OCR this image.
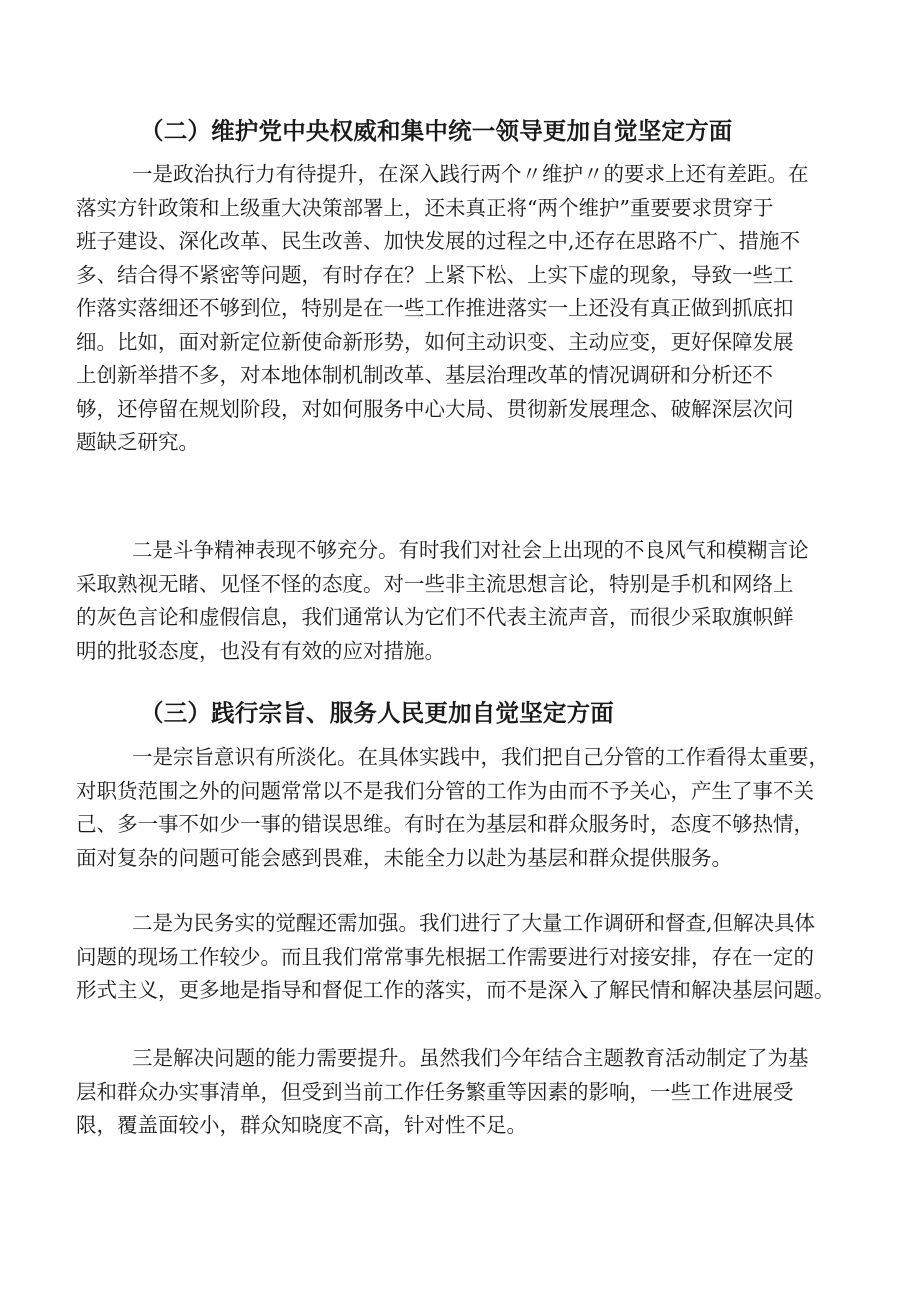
（二）维护党中央权威和集中统一领导更加自觉坚定方面
一是政治执行力有待提升，在深入践行两个〃维护〃的要求上还有差距。在
落实方针政策和上级重大决策部署上，还未真正将“两个维护”重要要求贯穿于
班子建设、深化改革、民生改善、加快发展的过程之中,还存在思路不广、措施不
多、结合得不紧密等问题，有时存在？上紧下松、上实下虚的现象，导致一些工
作落实落细还不够到位，特别是在一些工作推进落实一上还没有真正做到抓底扣
细。比如，面对新定位新使命新形势，如何主动识变、主动应变，更好保障发展
上创新举措不多，对本地体制机制改革、基层治理改革的情况调研和分析还不
够，还停留在规划阶段，对如何服务中心大局、贯彻新发展理念、破解深层次问
题缺乏研究。
二是斗争精神表现不够充分。有时我们对社会上出现的不良风气和模糊言论
采取熟视无睹、见怪不怪的态度。对一些非主流思想言论，特别是手机和网络上
的灰色言论和虚假信息，我们通常认为它们不代表主流声音，而很少采取旗帜鲜
明的批驳态度，也没有有效的应对措施。
（三）践行宗旨、服务人民更加自觉坚定方面
一是宗旨意识有所淡化。在具体实践中，我们把自己分管的工作看得太重要，
对职货范围之外的问题常常以不是我们分管的工作为由而不予关心，产生了事不关
己、多一事不如少一事的错误思维。有时在为基层和群众服务时，态度不够热情，
面对复杂的问题可能会感到畏难，未能全力以赴为基层和群众提供服务。
二是为民务实的觉醒还需加强。我们进行了大量工作调研和督查,但解决具体
问题的现场工作较少。而且我们常常事先根据工作需要进行对接安排，存在一定的
形式主义，更多地是指导和督促工作的落实，而不是深入了解民情和解决基层问题。
三是解决问题的能力需要提升。虽然我们今年结合主题教育活动制定了为基
层和群众办实事清单，但受到当前工作任务繁重等因素的影响，一些工作进展受
限，覆盖面较小，群众知晓度不高，针对性不足。
